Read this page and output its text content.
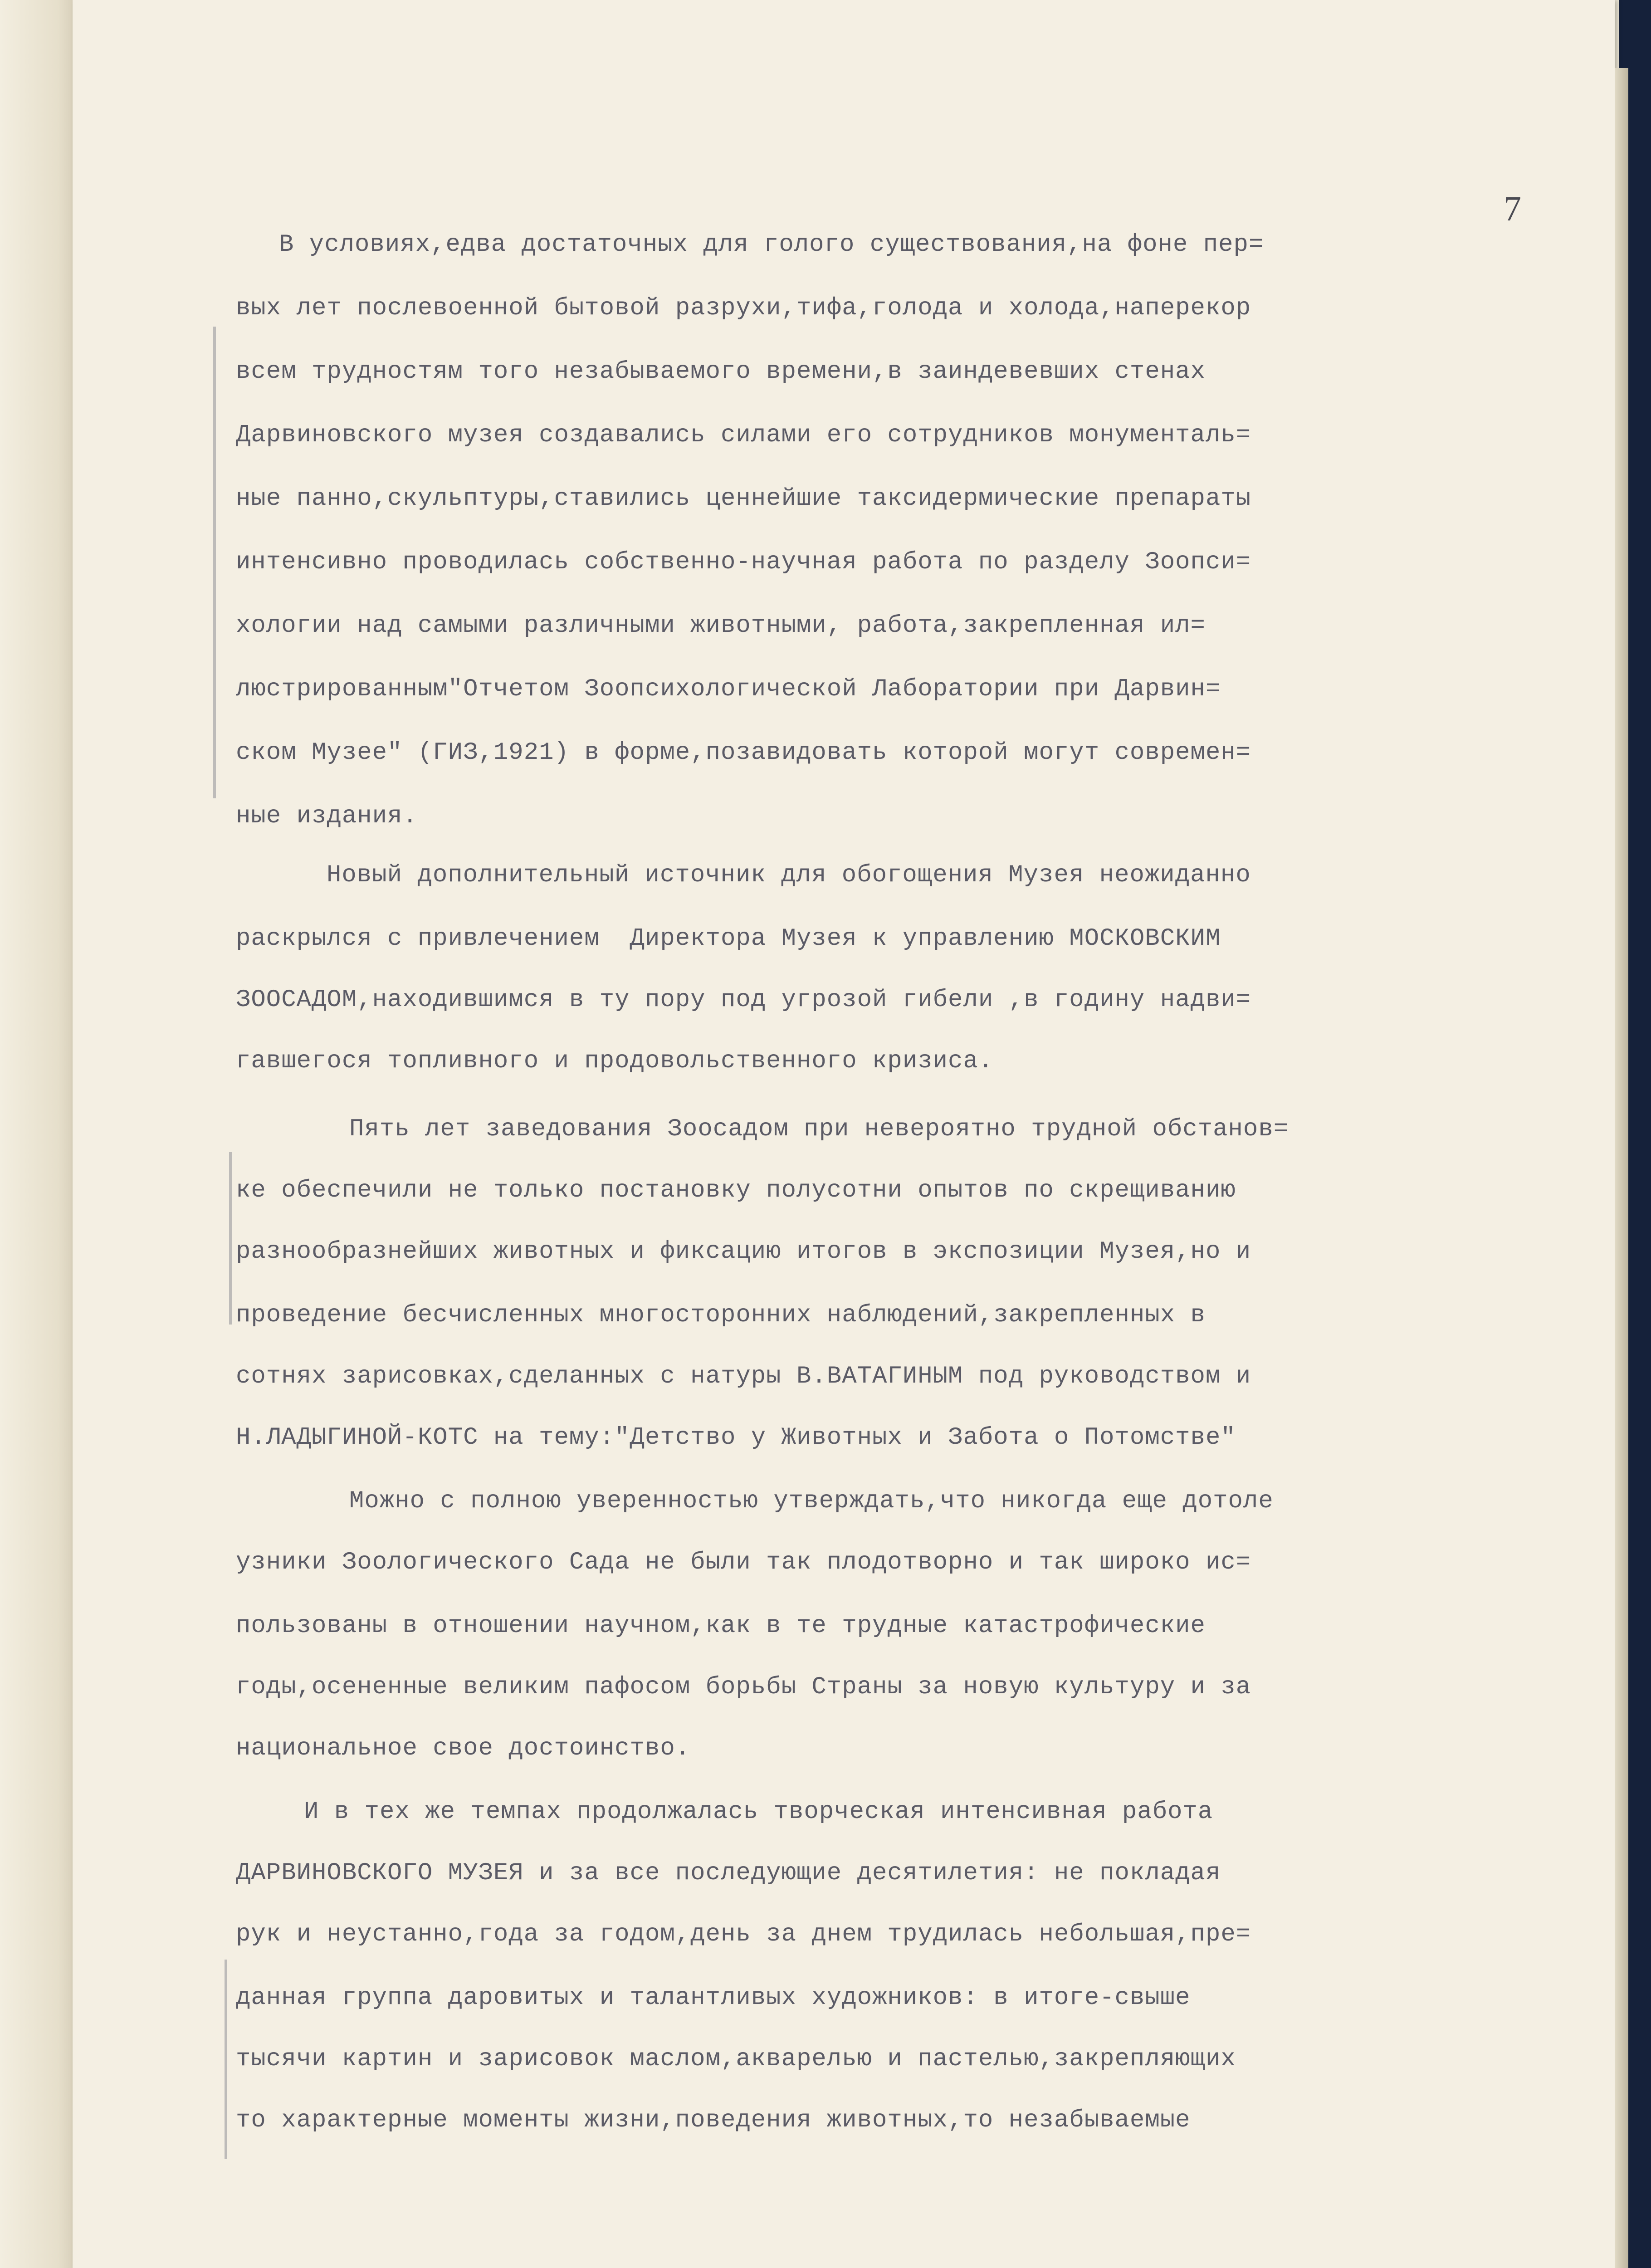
7
В условиях,едва достаточных для голого существования,на фоне пер=
вых лет послевоенной бытовой разрухи,тифа,голода и холода,наперекор
всем трудностям того незабываемого времени,в заиндевевших стенах
Дарвиновского музея создавались силами его сотрудников монументаль=
ные панно,скульптуры,ставились ценнейшие таксидермические препараты
интенсивно проводилась собственно-научная работа по разделу Зоопси=
хологии над самыми различными животными, работа,закрепленная ил=
люстрированным"Отчетом Зоопсихологической Лаборатории при Дарвин=
ском Музее" (ГИЗ,1921) в форме,позавидовать которой могут современ=
ные издания.
Новый дополнительный источник для обогощения Музея неожиданно
раскрылся с привлечением  Директора Музея к управлению МОСКОВСКИМ
ЗООСАДОМ,находившимся в ту пору под угрозой гибели ,в годину надви=
гавшегося топливного и продовольственного кризиса.
Пять лет заведования Зоосадом при невероятно трудной обстанов=
ке обеспечили не только постановку полусотни опытов по скрещиванию
разнообразнейших животных и фиксацию итогов в экспозиции Музея,но и
проведение бесчисленных многосторонних наблюдений,закрепленных в
сотнях зарисовках,сделанных с натуры В.ВАТАГИНЫМ под руководством и
Н.ЛАДЫГИНОЙ-КОТС на тему:"Детство у Животных и Забота о Потомстве"
Можно с полною уверенностью утверждать,что никогда еще дотоле
узники Зоологического Сада не были так плодотворно и так широко ис=
пользованы в отношении научном,как в те трудные катастрофические
годы,осененные великим пафосом борьбы Страны за новую культуру и за
национальное свое достоинство.
И в тех же темпах продолжалась творческая интенсивная работа
ДАРВИНОВСКОГО МУЗЕЯ и за все последующие десятилетия: не покладая
рук и неустанно,года за годом,день за днем трудилась небольшая,пре=
данная группа даровитых и талантливых художников: в итоге-свыше
тысячи картин и зарисовок маслом,акварелью и пастелью,закрепляющих
то характерные моменты жизни,поведения животных,то незабываемые
